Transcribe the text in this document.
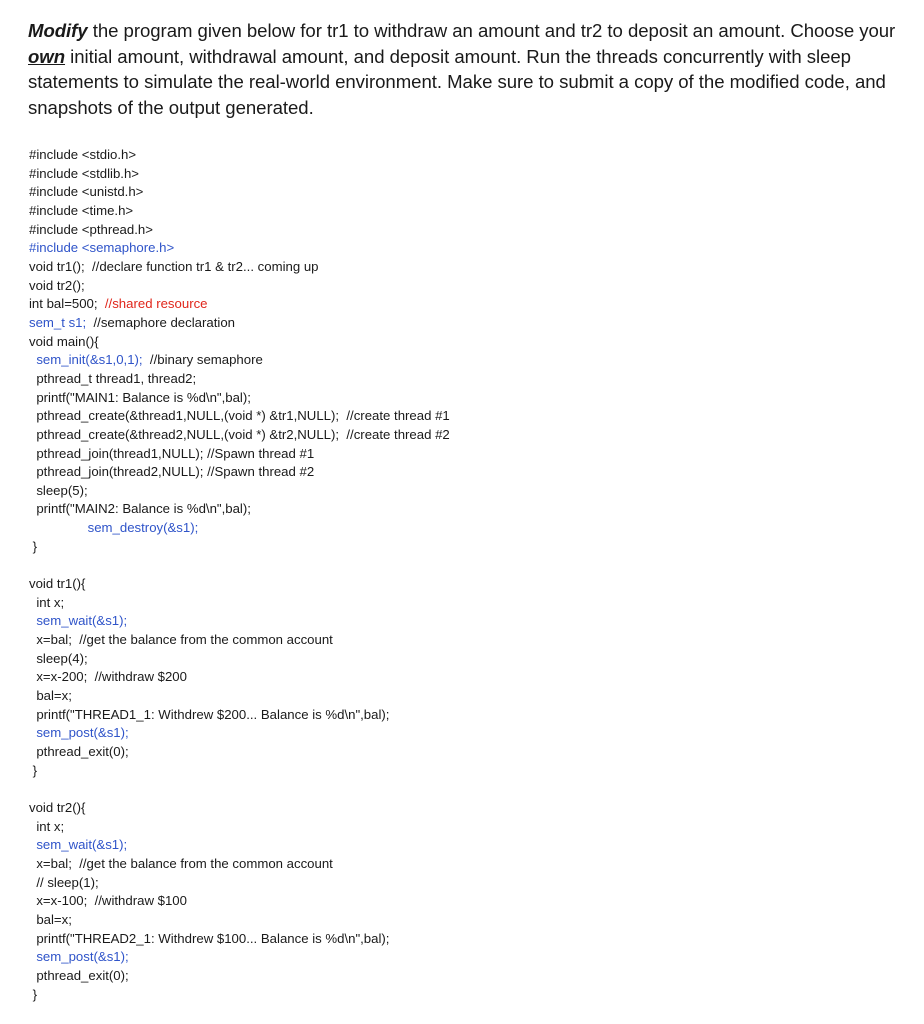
Modify the program given below for tr1 to withdraw an amount and tr2 to deposit an amount. Choose your own initial amount, withdrawal amount, and deposit amount. Run the threads concurrently with sleep statements to simulate the real-world environment. Make sure to submit a copy of the modified code, and snapshots of the output generated.
#include <stdio.h>
#include <stdlib.h>
#include <unistd.h>
#include <time.h>
#include <pthread.h>
#include <semaphore.h>
void tr1();  //declare function tr1 & tr2... coming up
void tr2();
int bal=500;  //shared resource
sem_t s1;  //semaphore declaration
void main(){
sem_init(&s1,0,1);  //binary semaphore
pthread_t thread1, thread2;
printf("MAIN1: Balance is %d\n",bal);
pthread_create(&thread1,NULL,(void *) &tr1,NULL);  //create thread #1
pthread_create(&thread2,NULL,(void *) &tr2,NULL);  //create thread #2
pthread_join(thread1,NULL); //Spawn thread #1
pthread_join(thread2,NULL); //Spawn thread #2
sleep(5);
printf("MAIN2: Balance is %d\n",bal);
sem_destroy(&s1);
}
void tr1(){
int x;
sem_wait(&s1);
x=bal;  //get the balance from the common account
sleep(4);
x=x-200;  //withdraw $200
bal=x;
printf("THREAD1_1: Withdrew $200... Balance is %d\n",bal);
sem_post(&s1);
pthread_exit(0);
}
void tr2(){
int x;
sem_wait(&s1);
x=bal;  //get the balance from the common account
// sleep(1);
x=x-100;  //withdraw $100
bal=x;
printf("THREAD2_1: Withdrew $100... Balance is %d\n",bal);
sem_post(&s1);
pthread_exit(0);
}
